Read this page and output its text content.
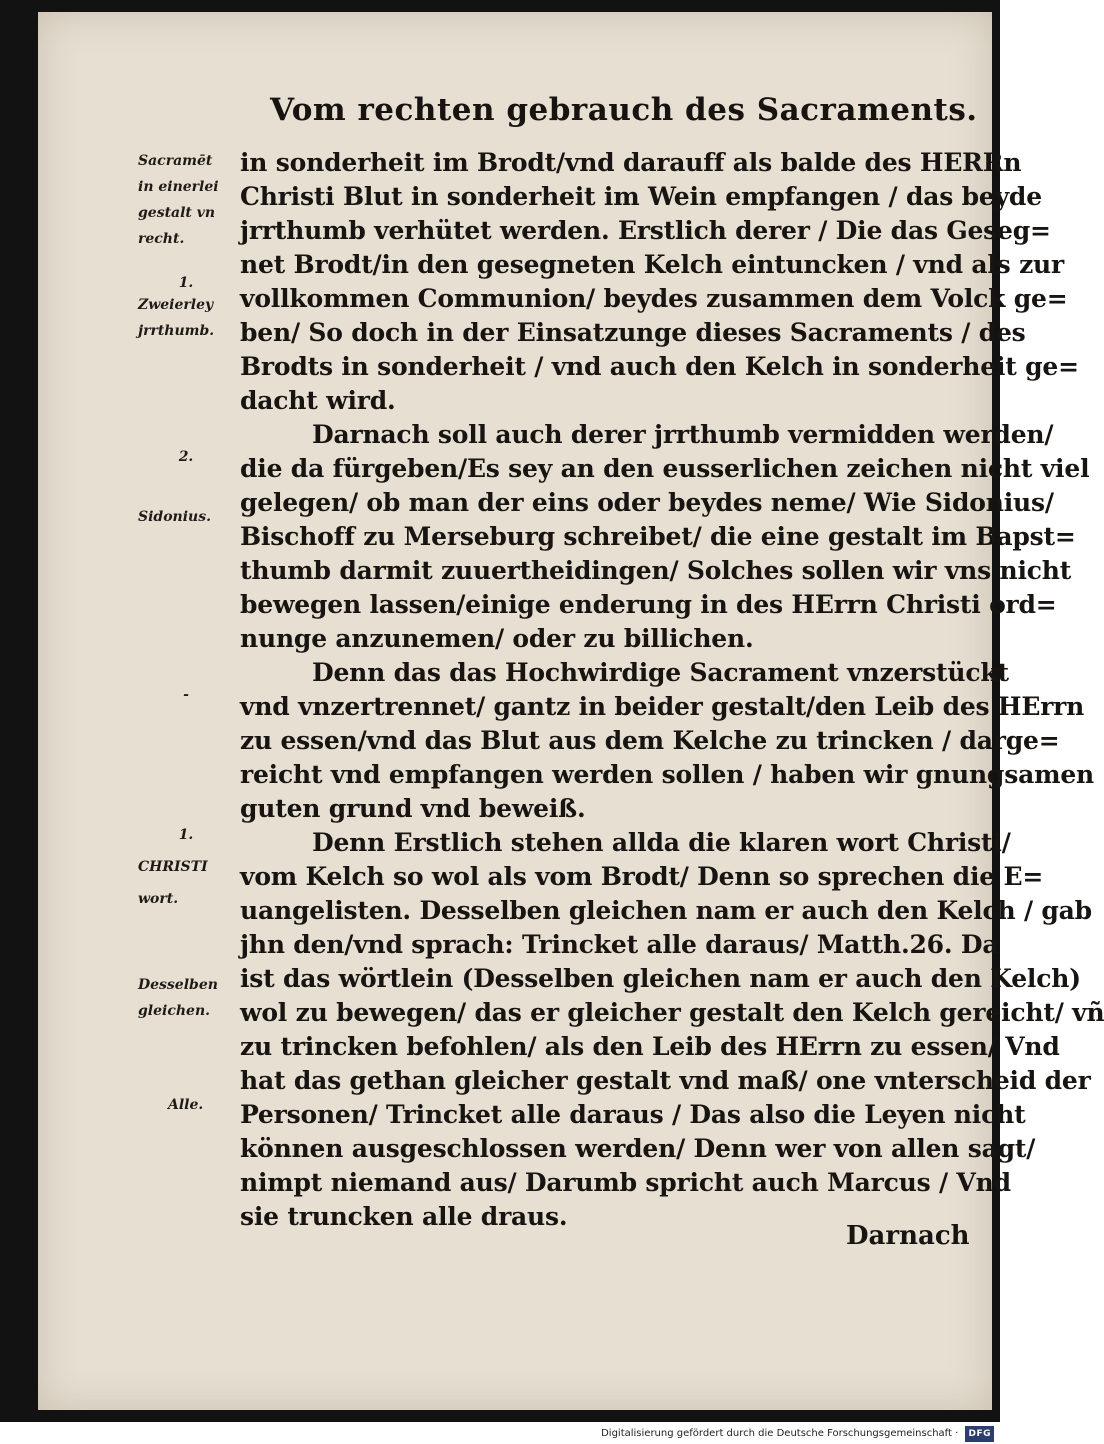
Vom rechten gebrauch des Sacraments.
in sonderheit im Brodt/vnd darauff als balde des HERRn
Christi Blut in sonderheit im Wein empfangen / das beyde
jrrthumb verhütet werden. Erstlich derer / Die das Geseg=
net Brodt/in den gesegneten Kelch eintuncken / vnd als zur
vollkommen Communion/ beydes zusammen dem Volck ge=
ben/ So doch in der Einsatzunge dieses Sacraments / des
Brodts in sonderheit / vnd auch den Kelch in sonderheit ge=
dacht wird.
Darnach soll auch derer jrrthumb vermidden werden/
die da fürgeben/Es sey an den eusserlichen zeichen nicht viel
gelegen/ ob man der eins oder beydes neme/ Wie Sidonius/
Bischoff zu Merseburg schreibet/ die eine gestalt im Bapst=
thumb darmit zuuertheidingen/ Solches sollen wir vns nicht
bewegen lassen/einige enderung in des HErrn Christi ord=
nunge anzunemen/ oder zu billichen.
Denn das das Hochwirdige Sacrament vnzerstückt
vnd vnzertrennet/ gantz in beider gestalt/den Leib des HErrn
zu essen/vnd das Blut aus dem Kelche zu trincken / darge=
reicht vnd empfangen werden sollen / haben wir gnungsamen
guten grund vnd beweiß.
Denn Erstlich stehen allda die klaren wort Christi/
vom Kelch so wol als vom Brodt/ Denn so sprechen die E=
uangelisten. Desselben gleichen nam er auch den Kelch / gab
jhn den/vnd sprach: Trincket alle daraus/ Matth.26. Da
ist das wörtlein (Desselben gleichen nam er auch den Kelch)
wol zu bewegen/ das er gleicher gestalt den Kelch gereicht/ vñ
zu trincken befohlen/ als den Leib des HErrn zu essen/ Vnd
hat das gethan gleicher gestalt vnd maß/ one vnterscheid der
Personen/ Trincket alle daraus / Das also die Leyen nicht
können ausgeschlossen werden/ Denn wer von allen sagt/
nimpt niemand aus/ Darumb spricht auch Marcus / Vnd
sie truncken alle draus.
Sacramēt
in einerlei
gestalt vn
recht.
1.
Zweierley
jrrthumb.
2.
Sidonius.
-
1.
CHRISTI
wort.
Desselben
gleichen.
Alle.
Darnach
Digitalisierung gefördert durch die Deutsche Forschungsgemeinschaft · DFG
